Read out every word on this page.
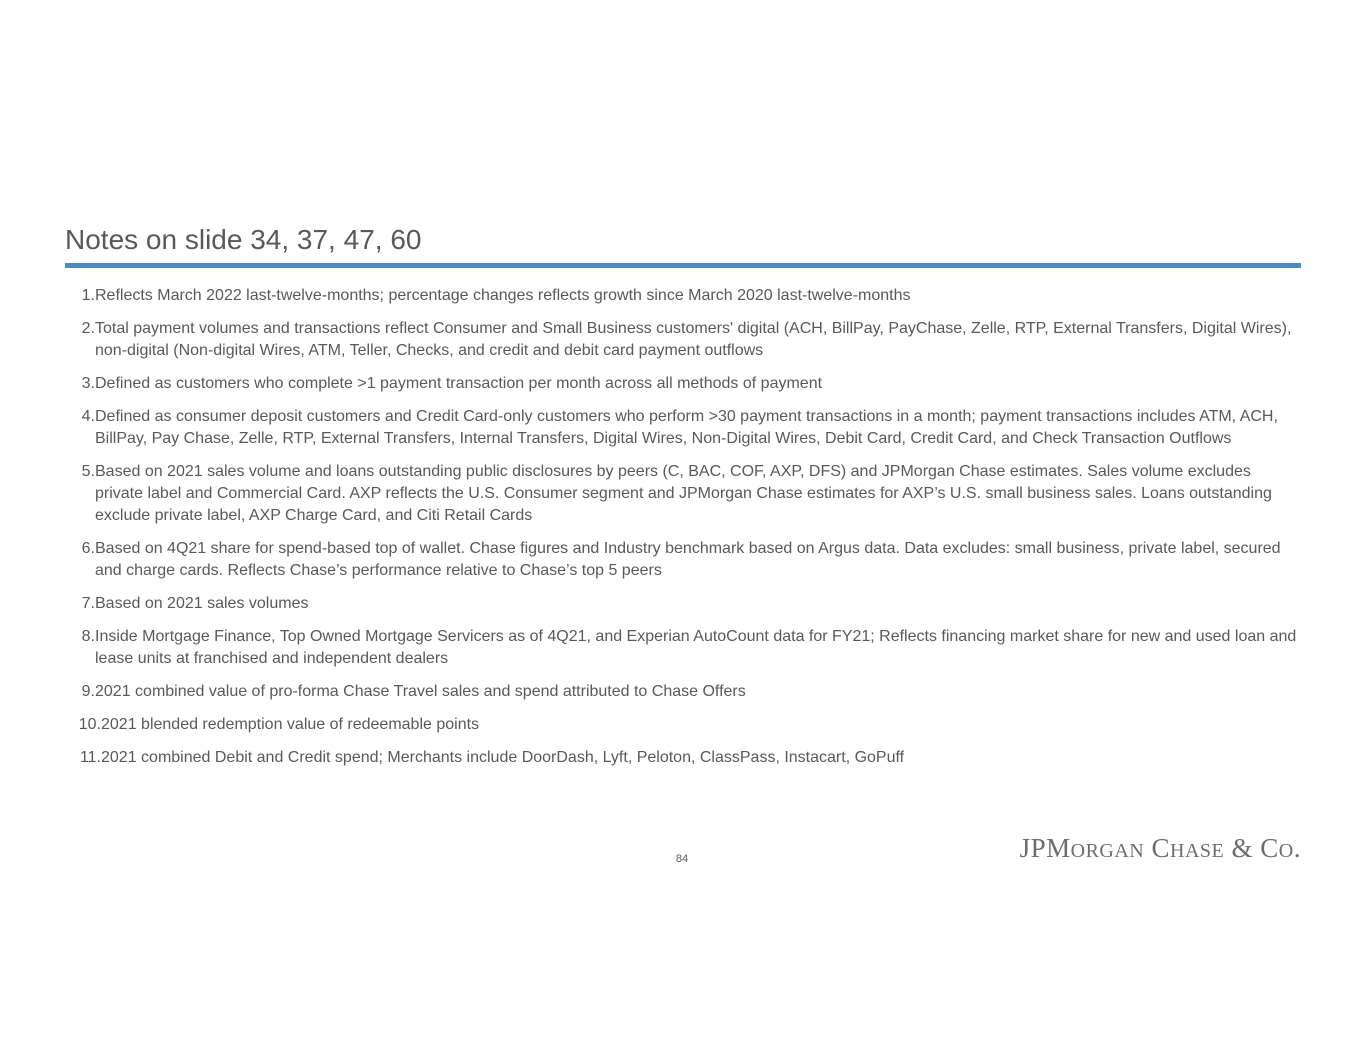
Notes on slide 34, 37, 47, 60
1. Reflects March 2022 last-twelve-months; percentage changes reflects growth since March 2020 last-twelve-months
2. Total payment volumes and transactions reflect Consumer and Small Business customers' digital (ACH, BillPay, PayChase, Zelle, RTP, External Transfers, Digital Wires), non-digital (Non-digital Wires, ATM, Teller, Checks, and credit and debit card payment outflows
3. Defined as customers who complete >1 payment transaction per month across all methods of payment
4. Defined as consumer deposit customers and Credit Card-only customers who perform >30 payment transactions in a month; payment transactions includes ATM, ACH, BillPay, Pay Chase, Zelle, RTP, External Transfers, Internal Transfers, Digital Wires, Non-Digital Wires, Debit Card, Credit Card, and Check Transaction Outflows
5. Based on 2021 sales volume and loans outstanding public disclosures by peers (C, BAC, COF, AXP, DFS) and JPMorgan Chase estimates. Sales volume excludes private label and Commercial Card. AXP reflects the U.S. Consumer segment and JPMorgan Chase estimates for AXP’s U.S. small business sales. Loans outstanding exclude private label, AXP Charge Card, and Citi Retail Cards
6. Based on 4Q21 share for spend-based top of wallet. Chase figures and Industry benchmark based on Argus data. Data excludes: small business, private label, secured and charge cards. Reflects Chase’s performance relative to Chase’s top 5 peers
7. Based on 2021 sales volumes
8. Inside Mortgage Finance, Top Owned Mortgage Servicers as of 4Q21, and Experian AutoCount data for FY21; Reflects financing market share for new and used loan and lease units at franchised and independent dealers
9. 2021 combined value of pro-forma Chase Travel sales and spend attributed to Chase Offers
10. 2021 blended redemption value of redeemable points
11. 2021 combined Debit and Credit spend; Merchants include DoorDash, Lyft, Peloton, ClassPass, Instacart, GoPuff
84	JPMORGAN CHASE & CO.
